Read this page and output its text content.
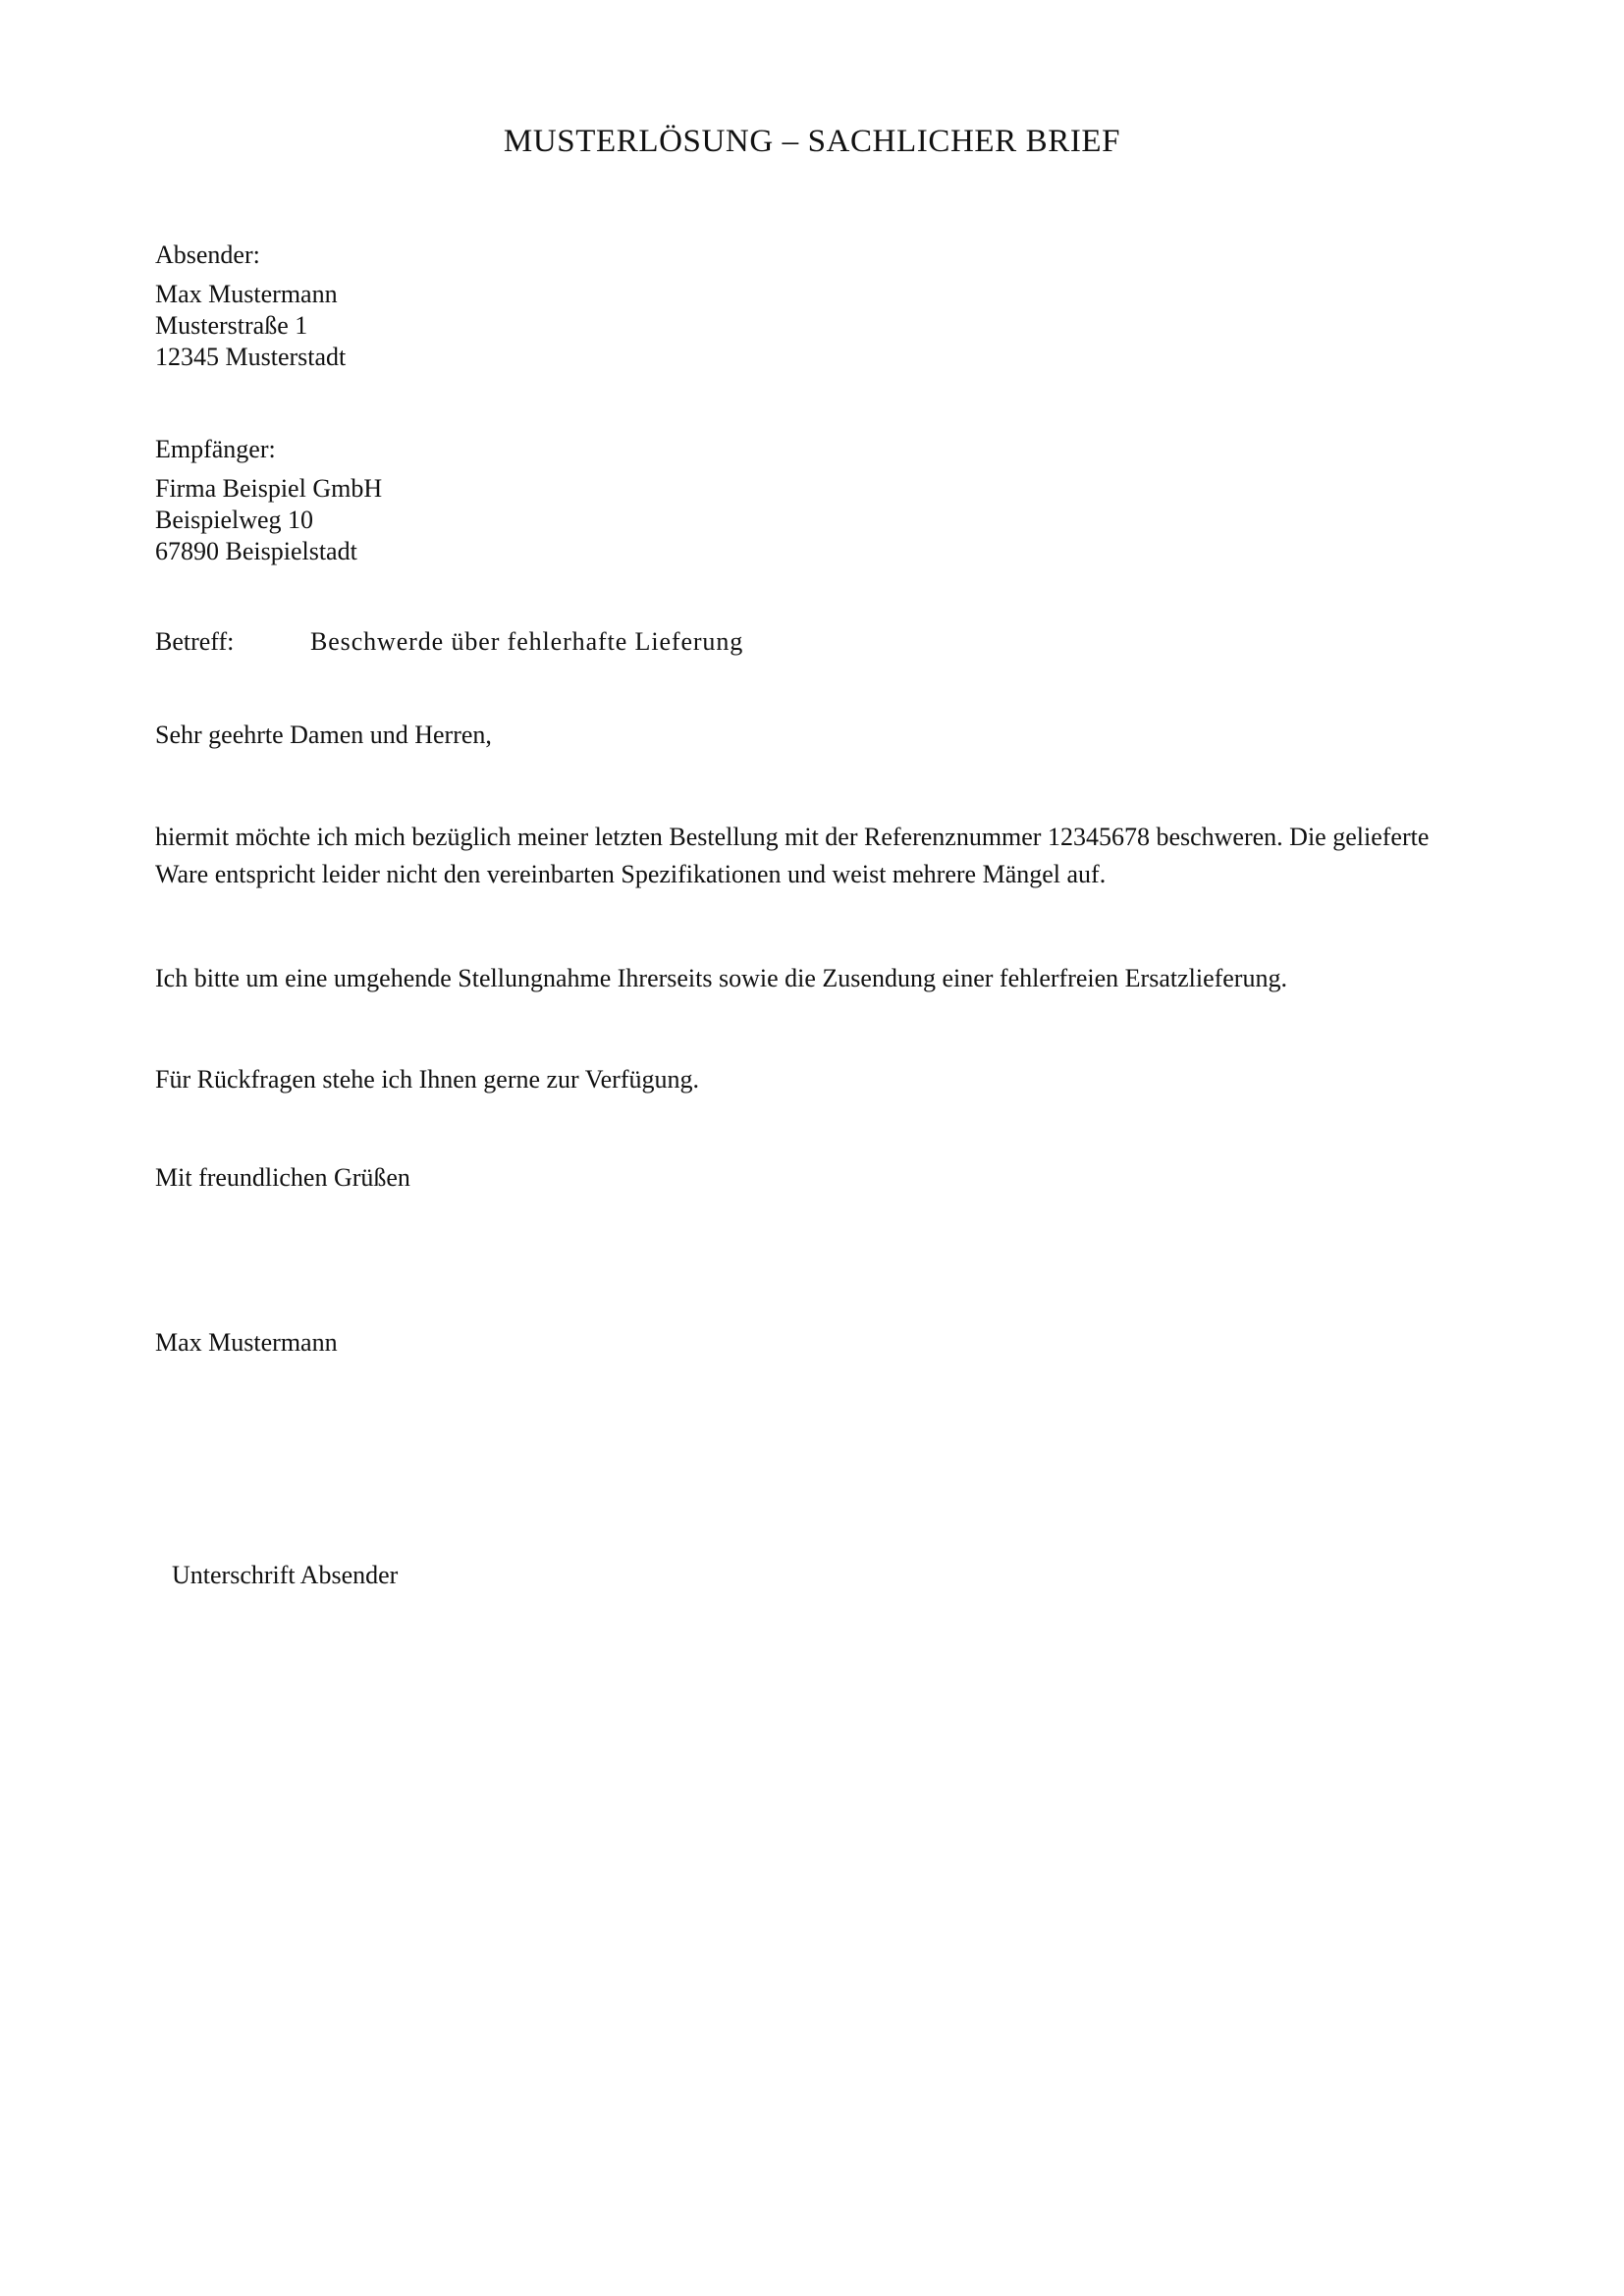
MUSTERLÖSUNG – SACHLICHER BRIEF
Absender:
Max Mustermann
Musterstraße 1
12345 Musterstadt
Empfänger:
Firma Beispiel GmbH
Beispielweg 10
67890 Beispielstadt
Betreff:	Beschwerde über fehlerhafte Lieferung
Sehr geehrte Damen und Herren,
hiermit möchte ich mich bezüglich meiner letzten Bestellung mit der Referenznummer 12345678 beschweren. Die gelieferte Ware entspricht leider nicht den vereinbarten Spezifikationen und weist mehrere Mängel auf.
Ich bitte um eine umgehende Stellungnahme Ihrerseits sowie die Zusendung einer fehlerfreien Ersatzlieferung.
Für Rückfragen stehe ich Ihnen gerne zur Verfügung.
Mit freundlichen Grüßen
Max Mustermann
Unterschrift Absender
